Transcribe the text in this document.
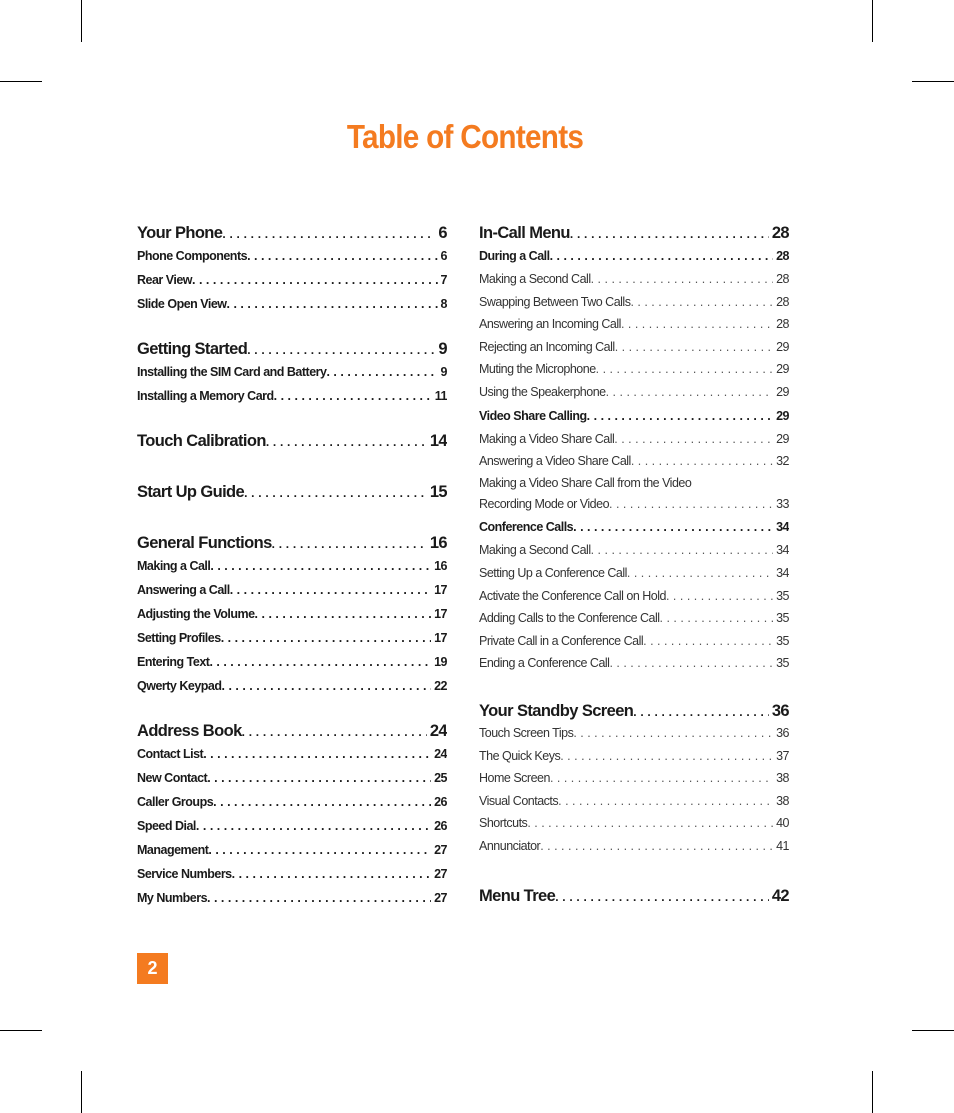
Table of Contents
Your Phone . . .	6
Phone Components . . .	6
Rear View . . .	7
Slide Open View . . .	8
Getting Started . . .	9
Installing the SIM Card and Battery . . .	9
Installing a Memory Card . . .	11
Touch Calibration . . .	14
Start Up Guide . . .	15
General Functions . . .	16
Making a Call . . .	16
Answering a Call . . .	17
Adjusting the Volume . . .	17
Setting Profiles . . .	17
Entering Text . . .	19
Qwerty Keypad . . .	22
Address Book . . .	24
Contact List . . .	24
New Contact . . .	25
Caller Groups . . .	26
Speed Dial . . .	26
Management . . .	27
Service Numbers . . .	27
My Numbers . . .	27
In-Call Menu . . .	28
During a Call . . .	28
Making a Second Call . . .	28
Swapping Between Two Calls . . .	28
Answering an Incoming Call . . .	28
Rejecting an Incoming Call . . .	29
Muting the Microphone . . .	29
Using the Speakerphone . . .	29
Video Share Calling . . .	29
Making a Video Share Call . . .	29
Answering a Video Share Call . . .	32
Making a Video Share Call from the Video
Recording Mode or Video . . .	33
Conference Calls . . .	34
Making a Second Call . . .	34
Setting Up a Conference Call . . .	34
Activate the Conference Call on Hold . . .	35
Adding Calls to the Conference Call . . .	35
Private Call in a Conference Call . . .	35
Ending a Conference Call . . .	35
Your Standby Screen . . .	36
Touch Screen Tips . . .	36
The Quick Keys . . .	37
Home Screen . . .	38
Visual Contacts . . .	38
Shortcuts . . .	40
Annunciator . . .	41
Menu Tree . . .	42
2
